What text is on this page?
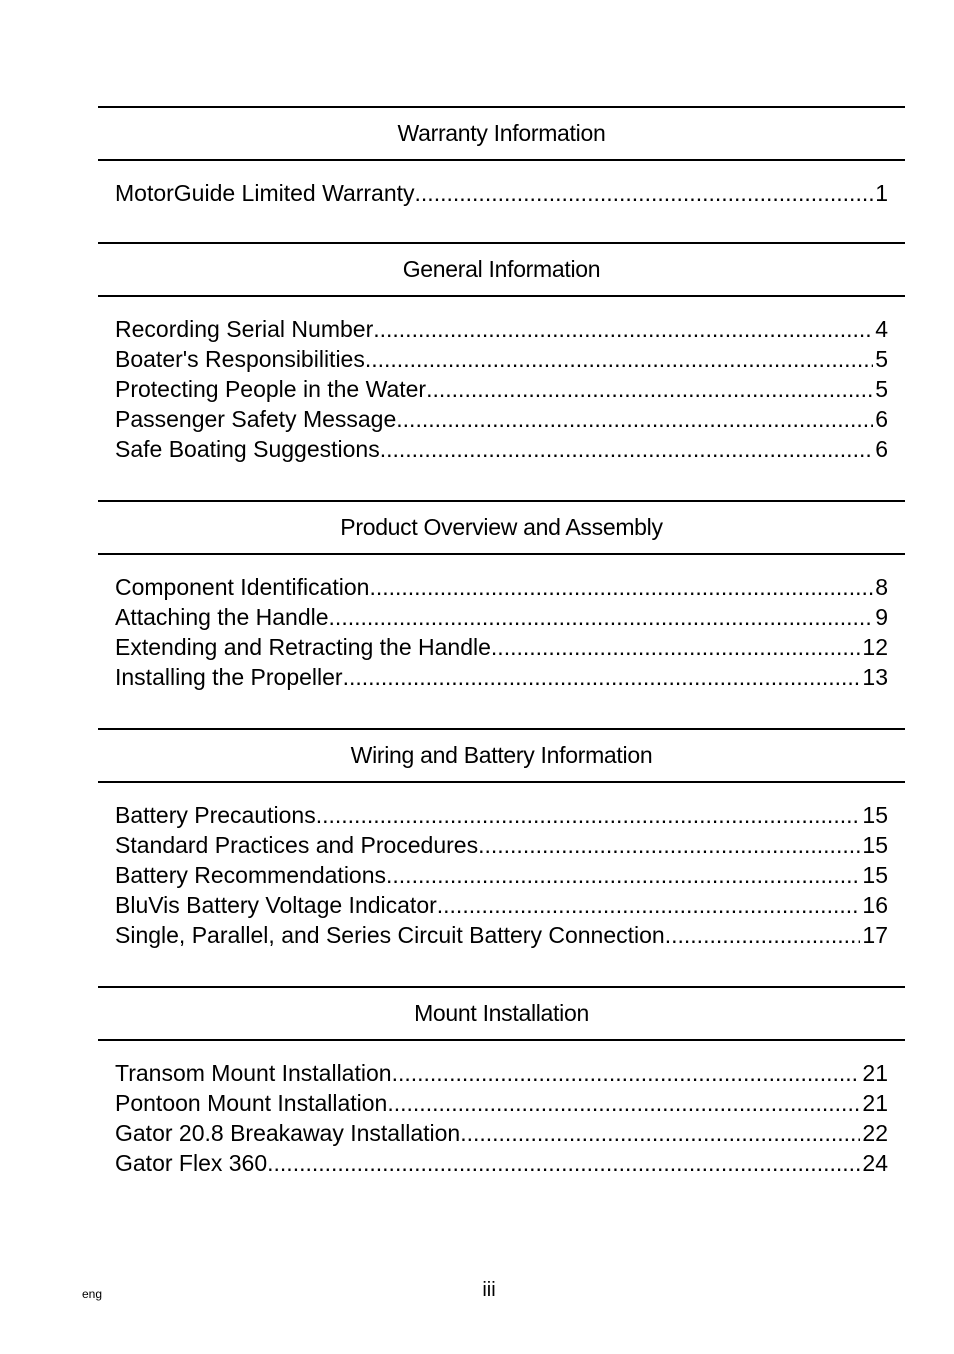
Warranty Information
MotorGuide Limited Warranty .....	1
General Information
Recording Serial Number .....	4
Boater's Responsibilities .....	5
Protecting People in the Water .....	5
Passenger Safety Message .....	6
Safe Boating Suggestions .....	6
Product Overview and Assembly
Component Identification .....	8
Attaching the Handle .....	9
Extending and Retracting the Handle .....	12
Installing the Propeller .....	13
Wiring and Battery Information
Battery Precautions .....	15
Standard Practices and Procedures .....	15
Battery Recommendations .....	15
BluVis Battery Voltage Indicator .....	16
Single, Parallel, and Series Circuit Battery Connection .....	17
Mount Installation
Transom Mount Installation .....	21
Pontoon Mount Installation .....	21
Gator 20.8 Breakaway Installation .....	22
Gator Flex 360 .....	24
eng	iii
